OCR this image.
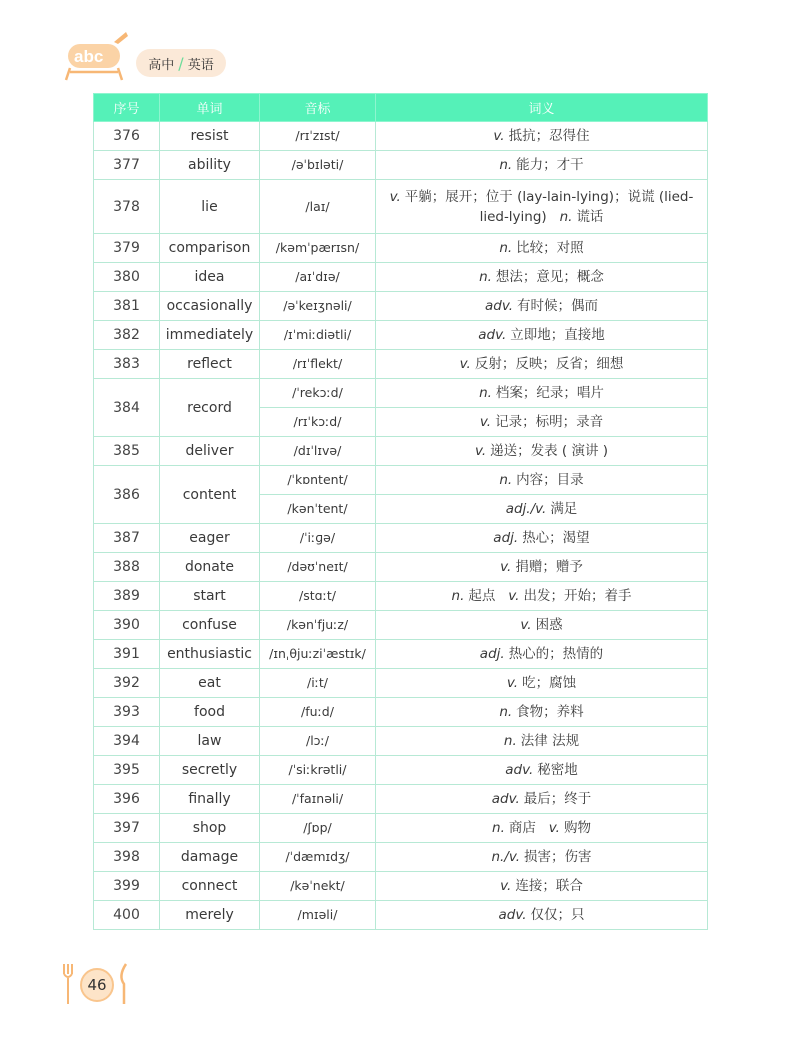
abc	高中 / 英语
序号	单词	音标	词义
376	resist	/rɪˈzɪst/	v. 抵抗；忍得住
377	ability	/əˈbɪləti/	n. 能力；才干
378	lie	/laɪ/	v. 平躺；展开；位于 (lay-lain-lying)；说谎 (lied-lied-lying) n. 谎话
379	comparison	/kəmˈpærɪsn/	n. 比较；对照
380	idea	/aɪˈdɪə/	n. 想法；意见；概念
381	occasionally	/əˈkeɪʒnəli/	adv. 有时候；偶而
382	immediately	/ɪˈmiːdiətli/	adv. 立即地；直接地
383	reflect	/rɪˈflekt/	v. 反射；反映；反省；细想
384	record	/ˈrekɔːd/	n. 档案；纪录；唱片
		/rɪˈkɔːd/	v. 记录；标明；录音
385	deliver	/dɪˈlɪvə/	v. 递送；发表 ( 演讲 )
386	content	/ˈkɒntent/	n. 内容；目录
		/kənˈtent/	adj./v. 满足
387	eager	/ˈiːɡə/	adj. 热心；渴望
388	donate	/dəʊˈneɪt/	v. 捐赠；赠予
389	start	/stɑːt/	n. 起点 v. 出发；开始；着手
390	confuse	/kənˈfjuːz/	v. 困惑
391	enthusiastic	/ɪnˌθjuːziˈæstɪk/	adj. 热心的；热情的
392	eat	/iːt/	v. 吃；腐蚀
393	food	/fuːd/	n. 食物；养料
394	law	/lɔː/	n. 法律 法规
395	secretly	/ˈsiːkrətli/	adv. 秘密地
396	finally	/ˈfaɪnəli/	adv. 最后；终于
397	shop	/ʃɒp/	n. 商店 v. 购物
398	damage	/ˈdæmɪdʒ/	n./v. 损害；伤害
399	connect	/kəˈnekt/	v. 连接；联合
400	merely	/mɪəli/	adv. 仅仅；只
46
